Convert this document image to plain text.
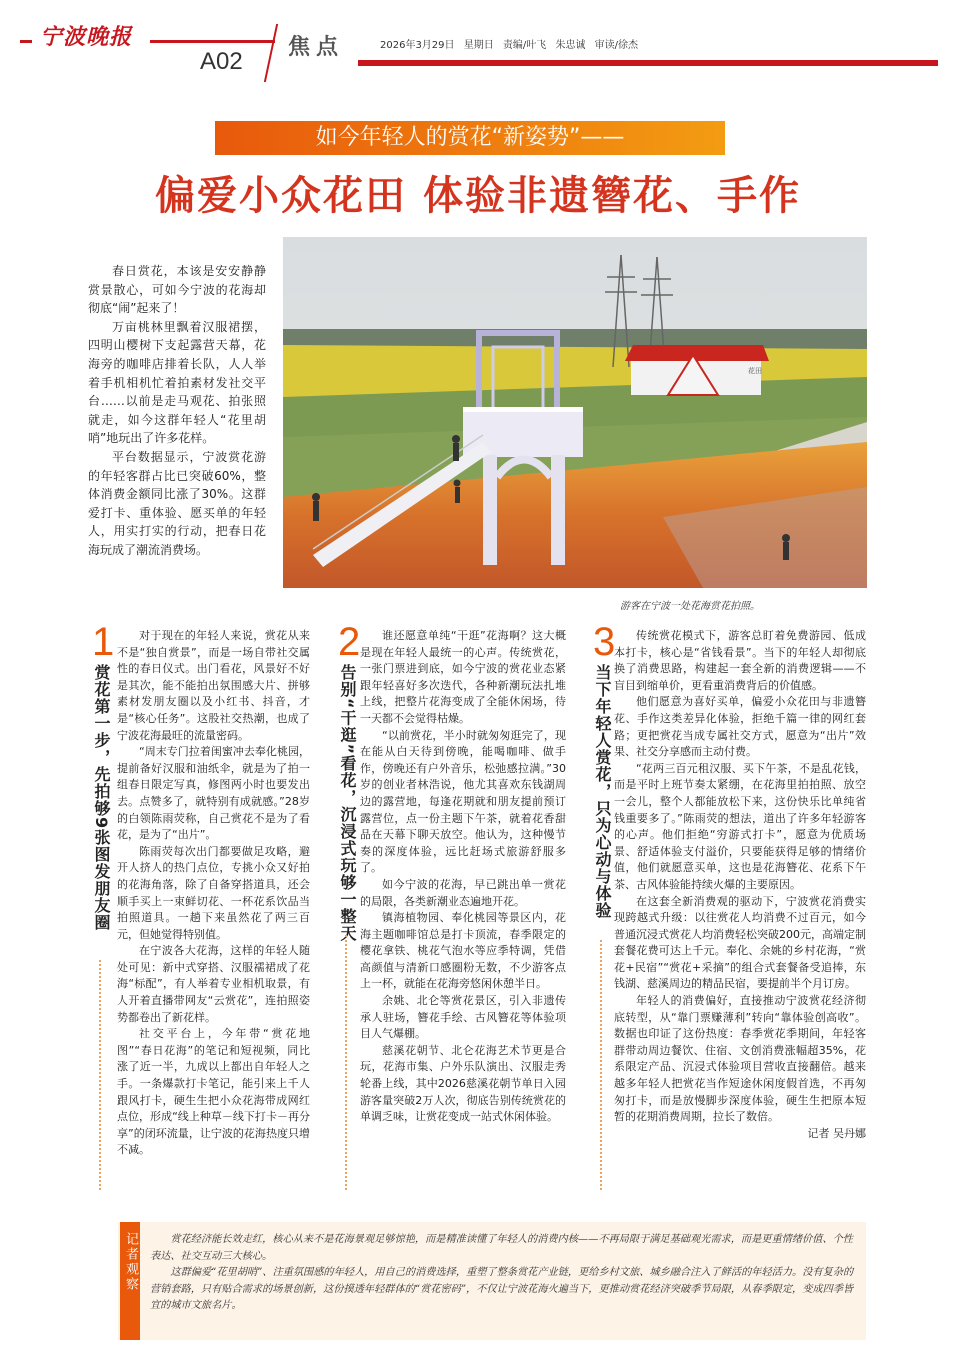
宁波晚报
A02
焦点	2026年3月29日 星期日 责编/叶飞 朱忠诚 审读/徐杰
如今年轻人的赏花“新姿势”——
偏爱小众花田 体验非遗簪花、手作

春日赏花，本该是安安静静赏景散心，可如今宁波的花海却彻底“闹”起来了！

万亩桃林里飘着汉服裙摆，四明山樱树下支起露营天幕，花海旁的咖啡店排着长队，人人举着手机相机忙着拍素材发社交平台……以前是走马观花、拍张照就走，如今这群年轻人“花里胡哨”地玩出了许多花样。

平台数据显示，宁波赏花游的年轻客群占比已突破60%，整体消费金额同比涨了30%。这群爱打卡、重体验、愿买单的年轻人，用实打实的行动，把春日花海玩成了潮流消费场。

花田
游客在宁波一处花海赏花拍照。
1
赏花第一步，先拍够9张图发朋友圈

对于现在的年轻人来说，赏花从来不是“独自赏景”，而是一场自带社交属性的春日仪式。出门看花，风景好不好是其次，能不能拍出氛围感大片、拼够素材发朋友圈以及小红书、抖音，才是“核心任务”。这股社交热潮，也成了宁波花海最旺的流量密码。

“周末专门拉着闺蜜冲去奉化桃园，提前备好汉服和油纸伞，就是为了拍一组春日限定写真，修图两小时也要发出去。点赞多了，就特别有成就感。”28岁的白领陈雨荧称，自己赏花不是为了看花，是为了“出片”。

陈雨荧每次出门都要做足攻略，避开人挤人的热门点位，专挑小众又好拍的花海角落，除了自备穿搭道具，还会顺手买上一束鲜切花、一杯花系饮品当拍照道具。一趟下来虽然花了两三百元，但她觉得特别值。

在宁波各大花海，这样的年轻人随处可见：新中式穿搭、汉服襦裙成了花海“标配”，有人举着专业相机取景，有人开着直播带网友“云赏花”，连拍照姿势都卷出了新花样。

社交平台上，今年带“赏花地图”“春日花海”的笔记和短视频，同比涨了近一半，九成以上都出自年轻人之手。一条爆款打卡笔记，能引来上千人跟风打卡，硬生生把小众花海带成网红点位，形成“线上种草－线下打卡－再分享”的闭环流量，让宁波的花海热度只增不减。

2
告别“干逛”看花，沉浸式玩够一整天

谁还愿意单纯“干逛”花海啊？这大概是现在年轻人最统一的心声。传统赏花，一张门票进到底，如今宁波的赏花业态紧跟年轻喜好多次迭代，各种新潮玩法扎堆上线，把整片花海变成了全能休闲场，待一天都不会觉得枯燥。

“以前赏花，半小时就匆匆逛完了，现在能从白天待到傍晚，能喝咖啡、做手作，傍晚还有户外音乐，松弛感拉满。”30岁的创业者林浩说，他尤其喜欢东钱湖周边的露营地，每逢花期就和朋友提前预订露营位，点一份主题下午茶，就着花香甜品在天幕下聊天放空。他认为，这种慢节奏的深度体验，远比赶场式旅游舒服多了。

如今宁波的花海，早已跳出单一赏花的局限，各类新潮业态遍地开花。

镇海植物园、奉化桃园等景区内，花海主题咖啡馆总是打卡顶流，春季限定的樱花拿铁、桃花气泡水等应季特调，凭借高颜值与清新口感圈粉无数，不少游客点上一杯，就能在花海旁悠闲休憩半日。

余姚、北仑等赏花景区，引入非遗传承人驻场，簪花手绘、古风簪花等体验项目人气爆棚。

慈溪花朝节、北仑花海艺术节更是合玩，花海市集、户外乐队演出、汉服走秀轮番上线，其中2026慈溪花朝节单日入园游客量突破2万人次，彻底告别传统赏花的单调乏味，让赏花变成一站式休闲体验。

3
当下年轻人赏花，只为心动与体验

传统赏花模式下，游客总盯着免费游园、低成本打卡，核心是“省钱看景”。当下的年轻人却彻底换了消费思路，构建起一套全新的消费逻辑——不盲目到缩单价，更看重消费背后的价值感。

他们愿意为喜好买单，偏爱小众花田与非遗簪花、手作这类差异化体验，拒绝千篇一律的网红套路；更把赏花当成专属社交方式，愿意为“出片”效果、社交分享感而主动付费。

“花两三百元租汉服、买下午茶，不是乱花钱，而是平时上班节奏太紧绷，在花海里拍拍照、放空一会儿，整个人都能放松下来，这份快乐比单纯省钱重要多了。”陈雨荧的想法，道出了许多年轻游客的心声。他们拒绝“穷游式打卡”，愿意为优质场景、舒适体验支付溢价，只要能获得足够的情绪价值，他们就愿意买单，这也是花海簪花、花系下午茶、古风体验能持续火爆的主要原因。

在这套全新消费观的驱动下，宁波赏花消费实现跨越式升级：以往赏花人均消费不过百元，如今普通沉浸式赏花人均消费轻松突破200元，高端定制套餐花费可达上千元。奉化、余姚的乡村花海，“赏花+民宿”“赏花+采摘”的组合式套餐备受追捧，东钱湖、慈溪周边的精品民宿，要提前半个月订房。

年轻人的消费偏好，直接推动宁波赏花经济彻底转型，从“靠门票赚薄利”转向“靠体验创高收”。数据也印证了这份热度：春季赏花季期间，年轻客群带动周边餐饮、住宿、文创消费涨幅超35%，花系限定产品、沉浸式体验项目营收直接翻倍。越来越多年轻人把赏花当作短途休闲度假首选，不再匆匆打卡，而是放慢脚步深度体验，硬生生把原本短暂的花期消费周期，拉长了数倍。

记者 吴丹娜
记者观察	赏花经济能长效走红，核心从来不是花海景观足够惊艳，而是精准读懂了年轻人的消费内核——不再局限于满足基础观光需求，而是更重情绪价值、个性表达、社交互动三大核心。

这群偏爱“花里胡哨”、注重氛围感的年轻人，用自己的消费选择，重塑了整条赏花产业链，更给乡村文旅、城乡融合注入了鲜活的年轻活力。没有复杂的营销套路，只有贴合需求的场景创新，这份摸透年轻群体的“赏花密码”，不仅让宁波花海火遍当下，更推动赏花经济突破季节局限，从春季限定，变成四季皆宜的城市文旅名片。
